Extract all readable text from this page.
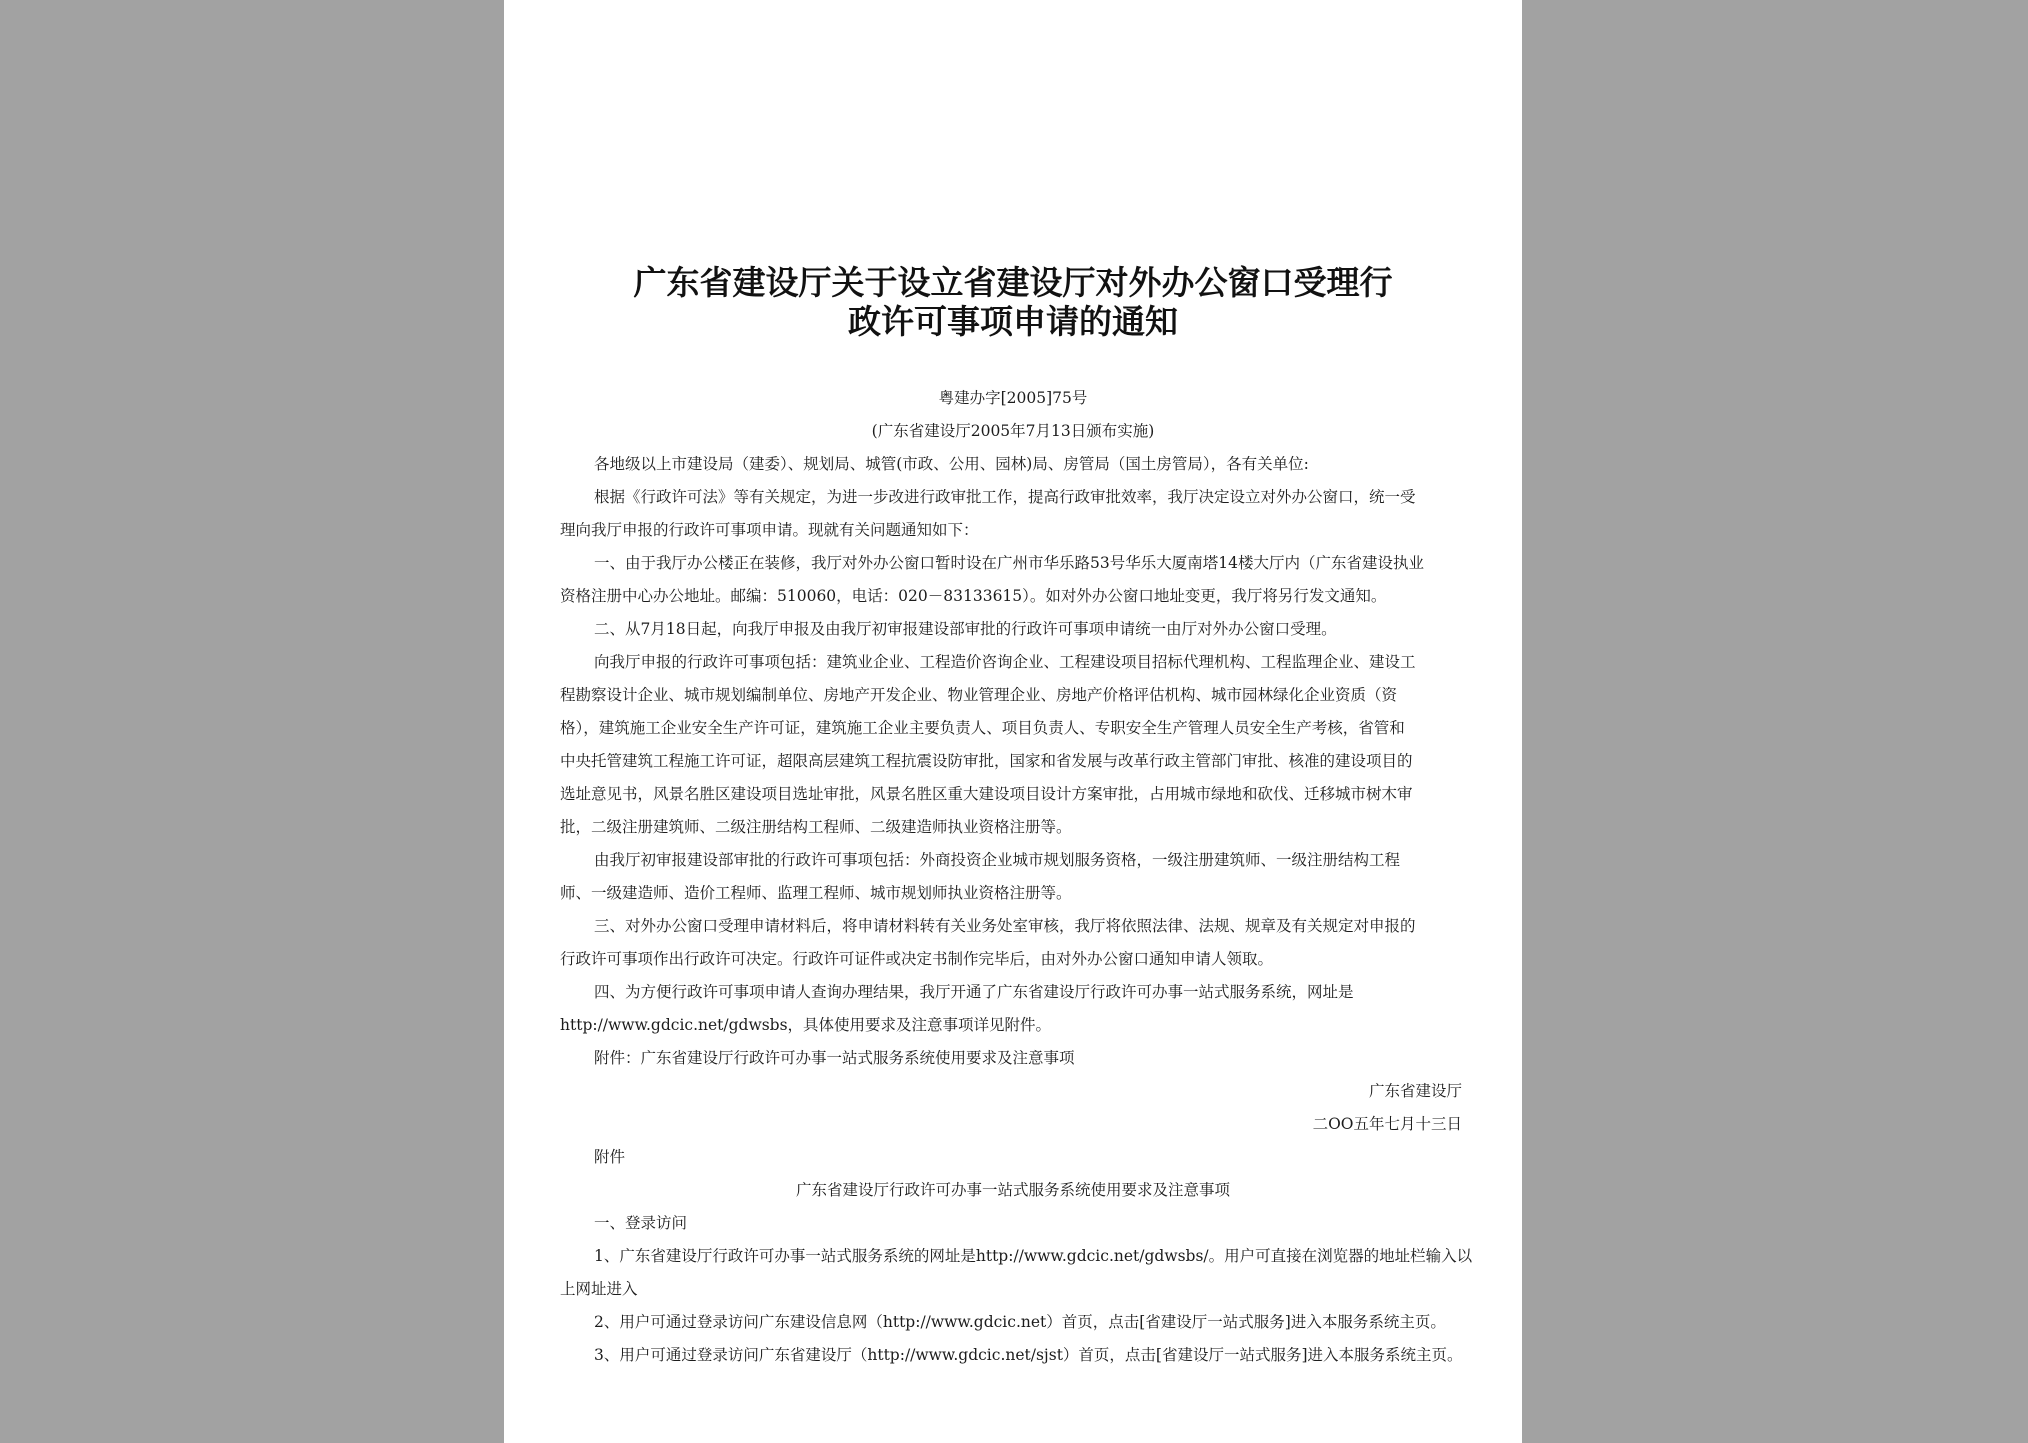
广东省建设厅关于设立省建设厅对外办公窗口受理行
政许可事项申请的通知
粤建办字[2005]75号
(广东省建设厅2005年7月13日颁布实施)
各地级以上市建设局（建委）、规划局、城管(市政、公用、园林)局、房管局（国土房管局），各有关单位:
根据《行政许可法》等有关规定，为进一步改进行政审批工作，提高行政审批效率，我厅决定设立对外办公窗口，统一受
理向我厅申报的行政许可事项申请。现就有关问题通知如下：
一、由于我厅办公楼正在装修，我厅对外办公窗口暂时设在广州市华乐路53号华乐大厦南塔14楼大厅内（广东省建设执业
资格注册中心办公地址。邮编：510060，电话：020－83133615）。如对外办公窗口地址变更，我厅将另行发文通知。
二、从7月18日起，向我厅申报及由我厅初审报建设部审批的行政许可事项申请统一由厅对外办公窗口受理。
向我厅申报的行政许可事项包括：建筑业企业、工程造价咨询企业、工程建设项目招标代理机构、工程监理企业、建设工
程勘察设计企业、城市规划编制单位、房地产开发企业、物业管理企业、房地产价格评估机构、城市园林绿化企业资质（资
格），建筑施工企业安全生产许可证，建筑施工企业主要负责人、项目负责人、专职安全生产管理人员安全生产考核，省管和
中央托管建筑工程施工许可证，超限高层建筑工程抗震设防审批，国家和省发展与改革行政主管部门审批、核准的建设项目的
选址意见书，风景名胜区建设项目选址审批，风景名胜区重大建设项目设计方案审批，占用城市绿地和砍伐、迁移城市树木审
批，二级注册建筑师、二级注册结构工程师、二级建造师执业资格注册等。
由我厅初审报建设部审批的行政许可事项包括：外商投资企业城市规划服务资格，一级注册建筑师、一级注册结构工程
师、一级建造师、造价工程师、监理工程师、城市规划师执业资格注册等。
三、对外办公窗口受理申请材料后，将申请材料转有关业务处室审核，我厅将依照法律、法规、规章及有关规定对申报的
行政许可事项作出行政许可决定。行政许可证件或决定书制作完毕后，由对外办公窗口通知申请人领取。
四、为方便行政许可事项申请人查询办理结果，我厅开通了广东省建设厅行政许可办事一站式服务系统，网址是
http://www.gdcic.net/gdwsbs，具体使用要求及注意事项详见附件。
附件：广东省建设厅行政许可办事一站式服务系统使用要求及注意事项
广东省建设厅
二OO五年七月十三日
附件
广东省建设厅行政许可办事一站式服务系统使用要求及注意事项
一、登录访问
1、广东省建设厅行政许可办事一站式服务系统的网址是http://www.gdcic.net/gdwsbs/。用户可直接在浏览器的地址栏输入以
上网址进入
2、用户可通过登录访问广东建设信息网（http://www.gdcic.net）首页，点击[省建设厅一站式服务]进入本服务系统主页。
3、用户可通过登录访问广东省建设厅（http://www.gdcic.net/sjst）首页，点击[省建设厅一站式服务]进入本服务系统主页。
